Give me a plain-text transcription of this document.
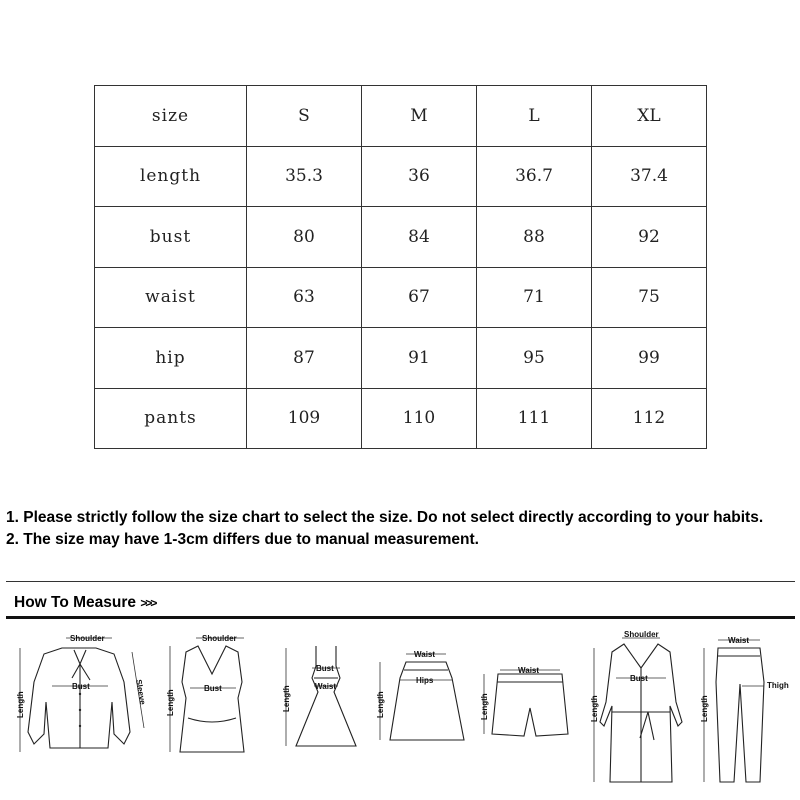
size	S	M	L	XL
length	35.3	36	36.7	37.4
bust	80	84	88	92
waist	63	67	71	75
hip	87	91	95	99
pants	109	110	111	112

1. Please strictly follow the size chart to select the size. Do not select directly according to your habits.

2. The size may have 1-3cm differs due to manual measurement.

How To Measure >>>
Shoulder
Bust
Length	Sleeve
Shoulder
Bust
Length
Bust
Waist
Length
Waist
Hips
Length
Waist
Length
Shoulder
Bust
Length
Waist
Thigh
Length
